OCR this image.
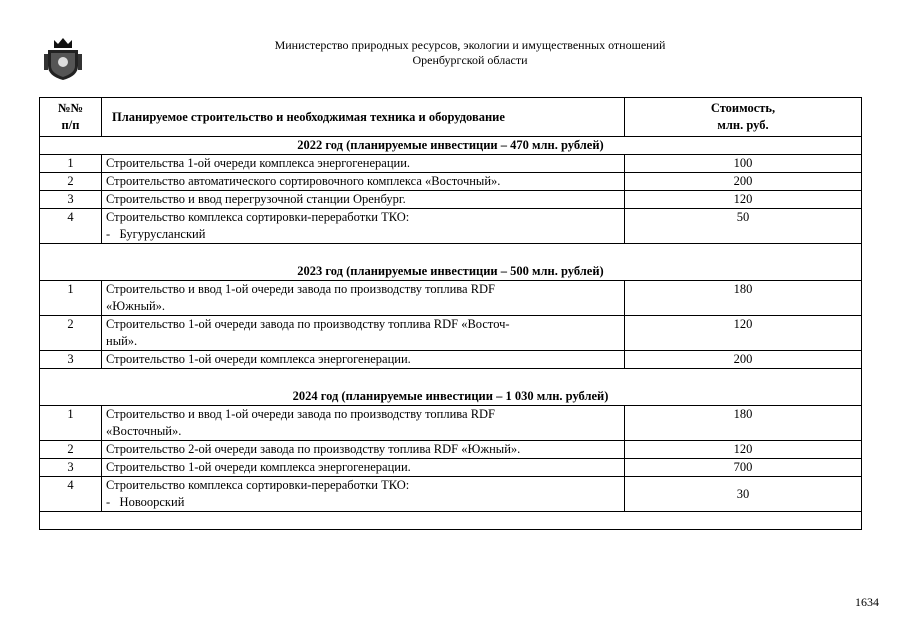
Министерство природных ресурсов, экологии и имущественных отношений
Оренбургской области
№№
п/п	Планируемое строительство и необходжимая техника и оборудование	Стоимость,
млн. руб.

2022 год (планируемые инвестиции – 470 млн. рублей)		
1	Строительства 1-ой очереди комплекса энергогенерации.	100
2	Строительство автоматического сортировочного комплекса «Восточный».	200
3	Строительство и ввод перегрузочной станции Оренбург.	120
4	Строительство комплекса сортировки-переработки ТКО:
-   Бугурусланский	50
2023 год (планируемые инвестиции – 500 млн. рублей)		
1	Строительство и ввод 1-ой очереди завода по производству топлива RDF
«Южный».	180
2	Строительство 1-ой очереди завода по производству топлива RDF «Восточ-
ный».	120
3	Строительство 1-ой очереди комплекса энергогенерации.	200
2024 год (планируемые инвестиции – 1 030 млн. рублей)		
1	Строительство и ввод 1-ой очереди завода по производству топлива RDF
«Восточный».	180
2	Строительство 2-ой очереди завода по производству топлива RDF «Южный».	120
3	Строительство 1-ой очереди комплекса энергогенерации.	700
4	Строительство комплекса сортировки-переработки ТКО:
-   Новоорский	30

1634
